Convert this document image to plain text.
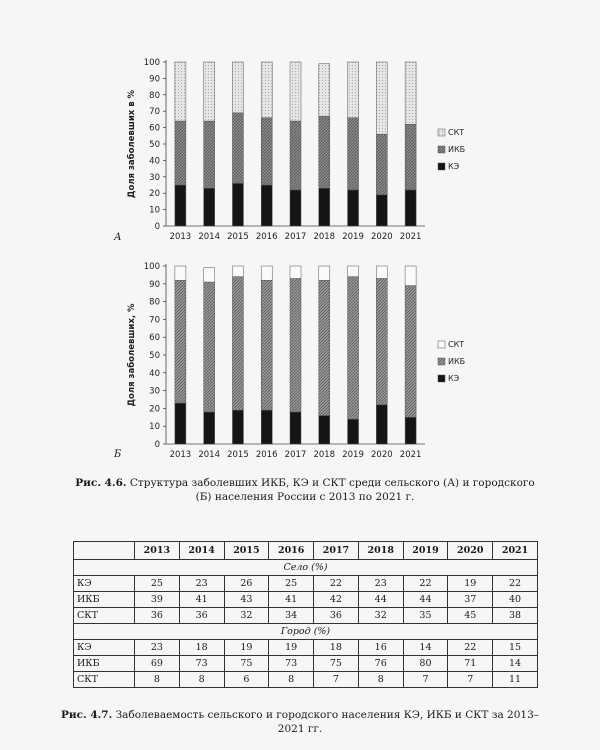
0
10
20
30
40
50
60
70
80
90
100
Доля заболевших в %
2013 2014 2015 2016 2017 2018 2019 2020 2021
СКТ
ИКБ
КЭ
А
0
10
20
30
40
50
60
70
80
90
100
Доля заболевших, %
2013 2014 2015 2016 2017 2018 2019 2020 2021
СКТ
ИКБ
КЭ
Б
Рис. 4.6. Структура заболевших ИКБ, КЭ и СКТ среди сельского (А) и городского (Б) населения России с 2013 по 2021 г.
	2013	2014	2015	2016	2017	2018	2019	2020	2021
Село (%)									
КЭ	25	23	26	25	22	23	22	19	22
ИКБ	39	41	43	41	42	44	44	37	40
СКТ	36	36	32	34	36	32	35	45	38
Город (%)									
КЭ	23	18	19	19	18	16	14	22	15
ИКБ	69	73	75	73	75	76	80	71	14
СКТ	8	8	6	8	7	8	7	7	11
Рис. 4.7. Заболеваемость сельского и городского населения КЭ, ИКБ и СКТ за 2013–2021 гг.
